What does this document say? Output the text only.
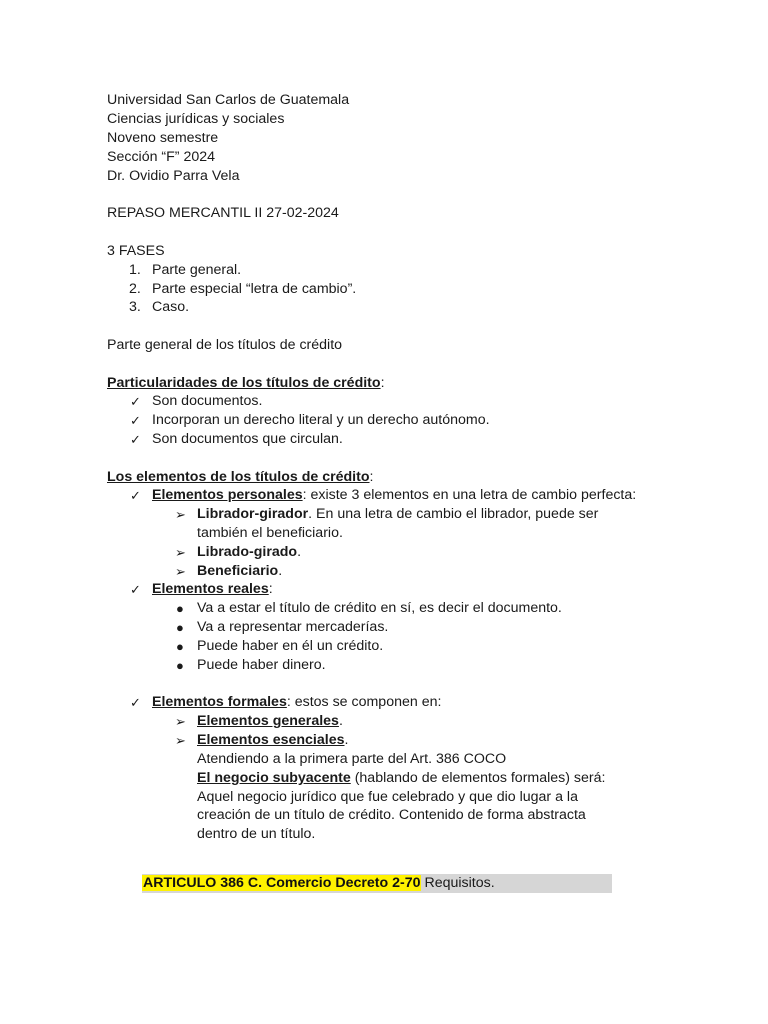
Universidad San Carlos de Guatemala
Ciencias jurídicas y sociales
Noveno semestre
Sección “F” 2024
Dr. Ovidio Parra Vela
REPASO MERCANTIL II 27-02-2024
3 FASES
1. Parte general.
2. Parte especial “letra de cambio”.
3. Caso.
Parte general de los títulos de crédito
Particularidades de los títulos de crédito:
✓ Son documentos.
✓ Incorporan un derecho literal y un derecho autónomo.
✓ Son documentos que circulan.
Los elementos de los títulos de crédito:
✓ Elementos personales: existe 3 elementos en una letra de cambio perfecta:
➢ Librador-girador. En una letra de cambio el librador, puede ser
también el beneficiario.
➢ Librado-girado.
➢ Beneficiario.
✓ Elementos reales:
● Va a estar el título de crédito en sí, es decir el documento.
● Va a representar mercaderías.
● Puede haber en él un crédito.
● Puede haber dinero.
✓ Elementos formales: estos se componen en:
➢ Elementos generales.
➢ Elementos esenciales.
Atendiendo a la primera parte del Art. 386 COCO
El negocio subyacente (hablando de elementos formales) será:
Aquel negocio jurídico que fue celebrado y que dio lugar a la
creación de un título de crédito. Contenido de forma abstracta
dentro de un título.
ARTICULO 386 C. Comercio Decreto 2-70 Requisitos.
